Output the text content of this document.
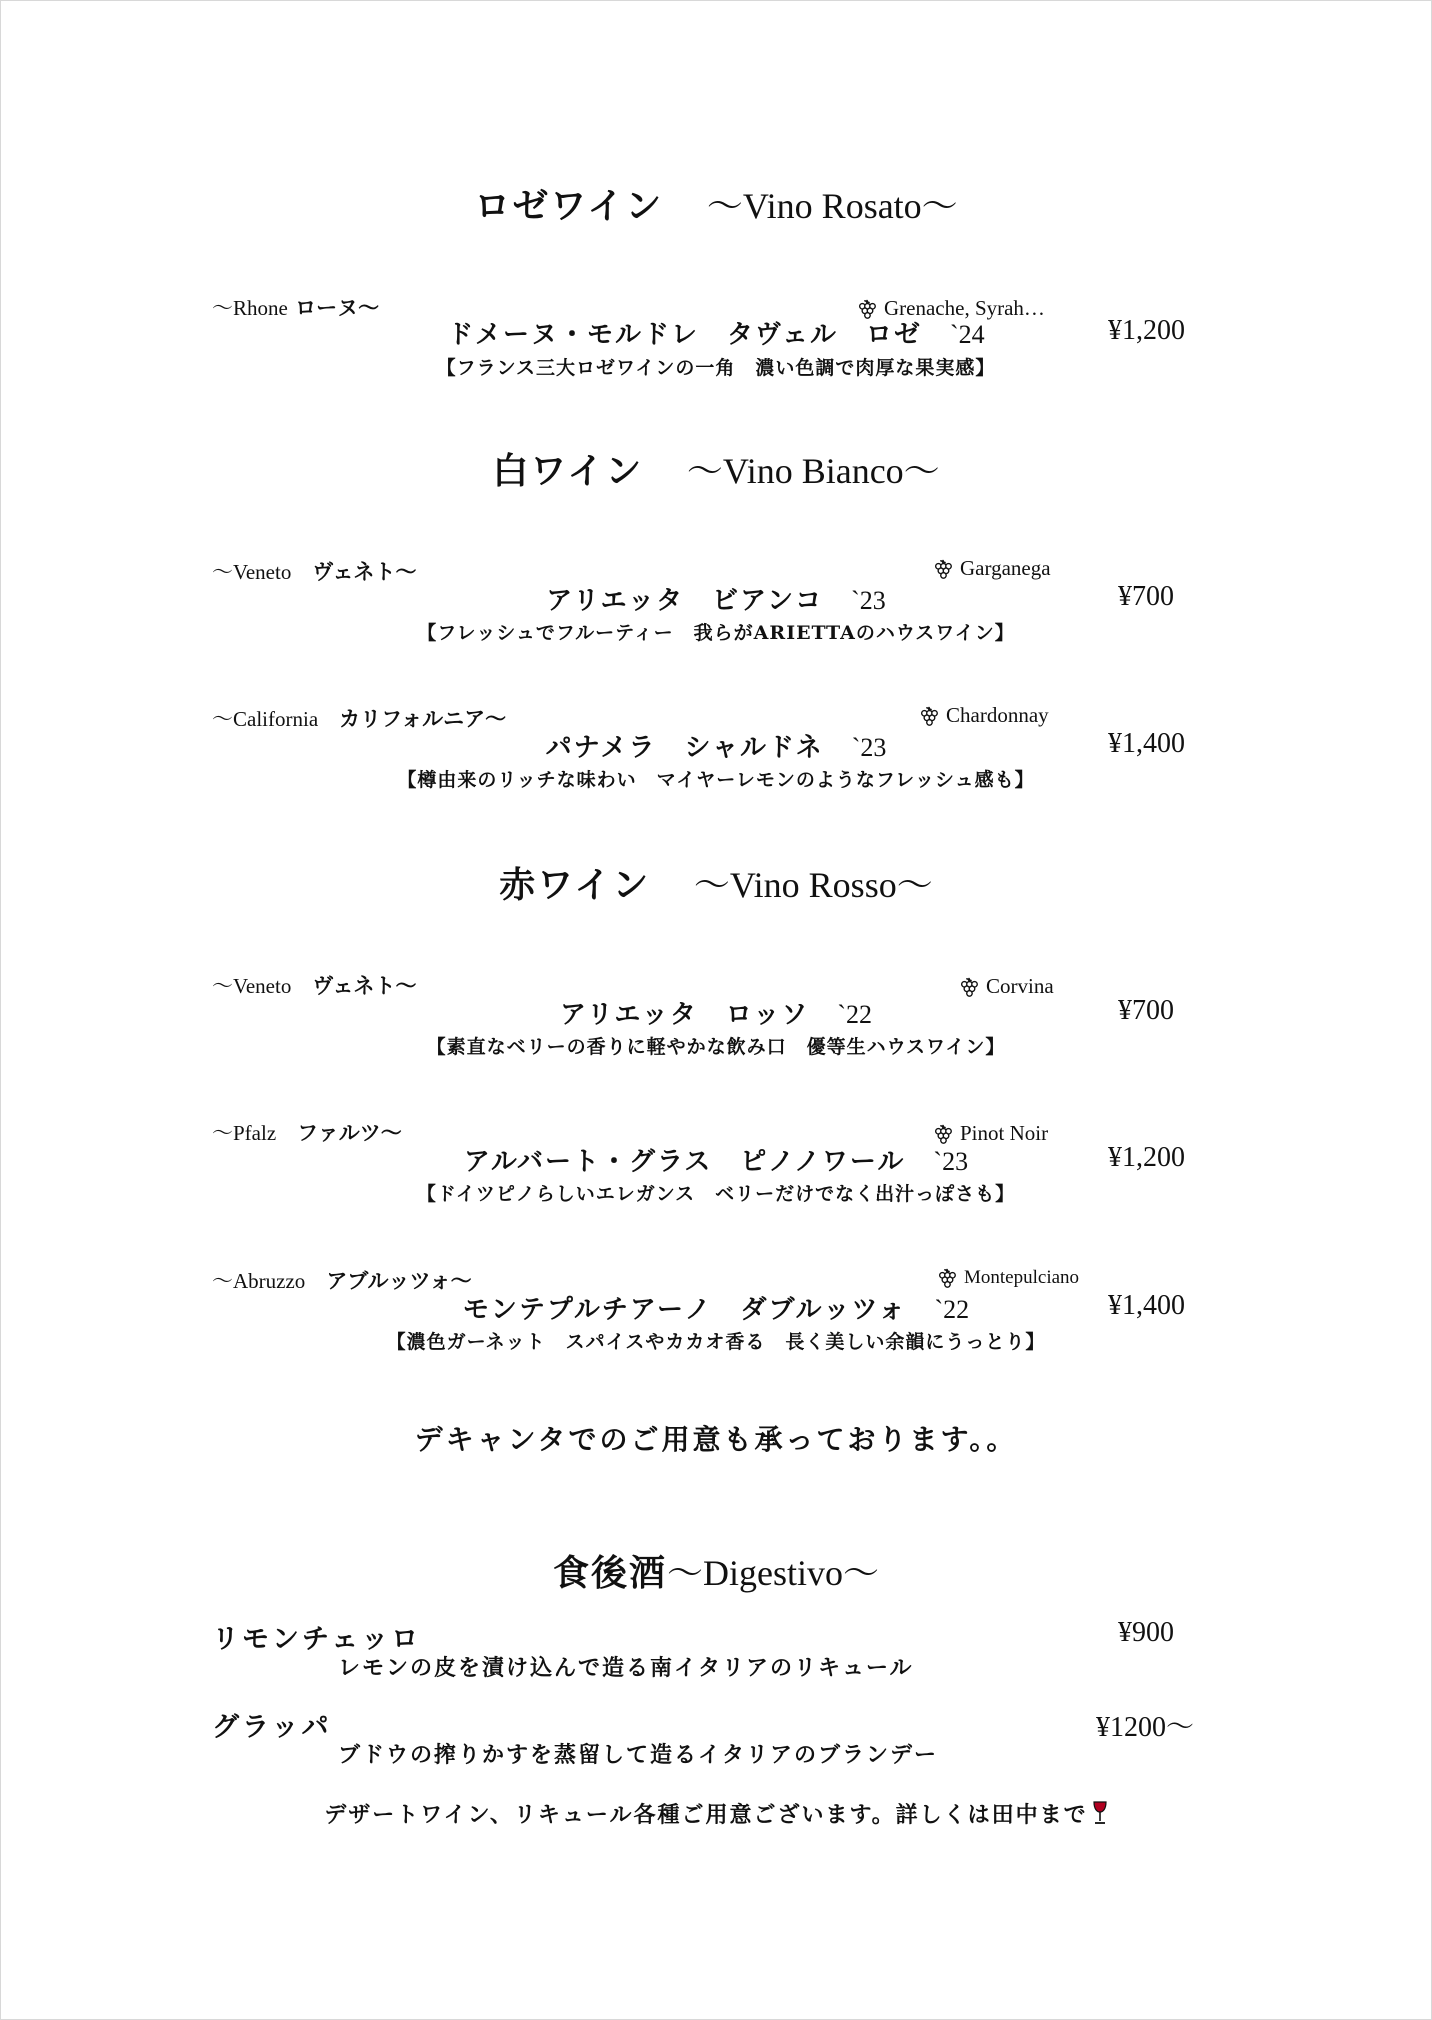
ロゼワイン ～Vino Rosato～
～Rhone ローヌ～	Grenache, Syrah…
ドメーヌ・モルドレ　タヴェル　ロゼ　 `24	¥1,200
【フランス三大ロゼワインの一角　濃い色調で肉厚な果実感】
白ワイン ～Vino Bianco～
～Veneto　 ヴェネト～	Garganega
アリエッタ　ビアンコ　 `23	¥700
【フレッシュでフルーティー　我らがARIETTAのハウスワイン】
～California　 カリフォルニア～	Chardonnay
パナメラ　シャルドネ　 `23	¥1,400
【樽由来のリッチな味わい　マイヤーレモンのようなフレッシュ感も】
赤ワイン ～Vino Rosso～
～Veneto　 ヴェネト～	Corvina
アリエッタ　ロッソ　 `22	¥700
【素直なベリーの香りに軽やかな飲み口　優等生ハウスワイン】
～Pfalz　 ファルツ～	Pinot Noir
アルバート・グラス　ピノノワール　 `23	¥1,200
【ドイツピノらしいエレガンス　ベリーだけでなく出汁っぽさも】
～Abruzzo　 アブルッツォ～	Montepulciano
モンテプルチアーノ　ダブルッツォ　 `22	¥1,400
【濃色ガーネット　スパイスやカカオ香る　長く美しい余韻にうっとり】
デキャンタでのご用意も承っております。。
食後酒～Digestivo～
リモンチェッロ	¥900
レモンの皮を漬け込んで造る南イタリアのリキュール
グラッパ	¥1200～
ブドウの搾りかすを蒸留して造るイタリアのブランデー
デザートワイン、リキュール各種ご用意ございます。詳しくは田中まで
